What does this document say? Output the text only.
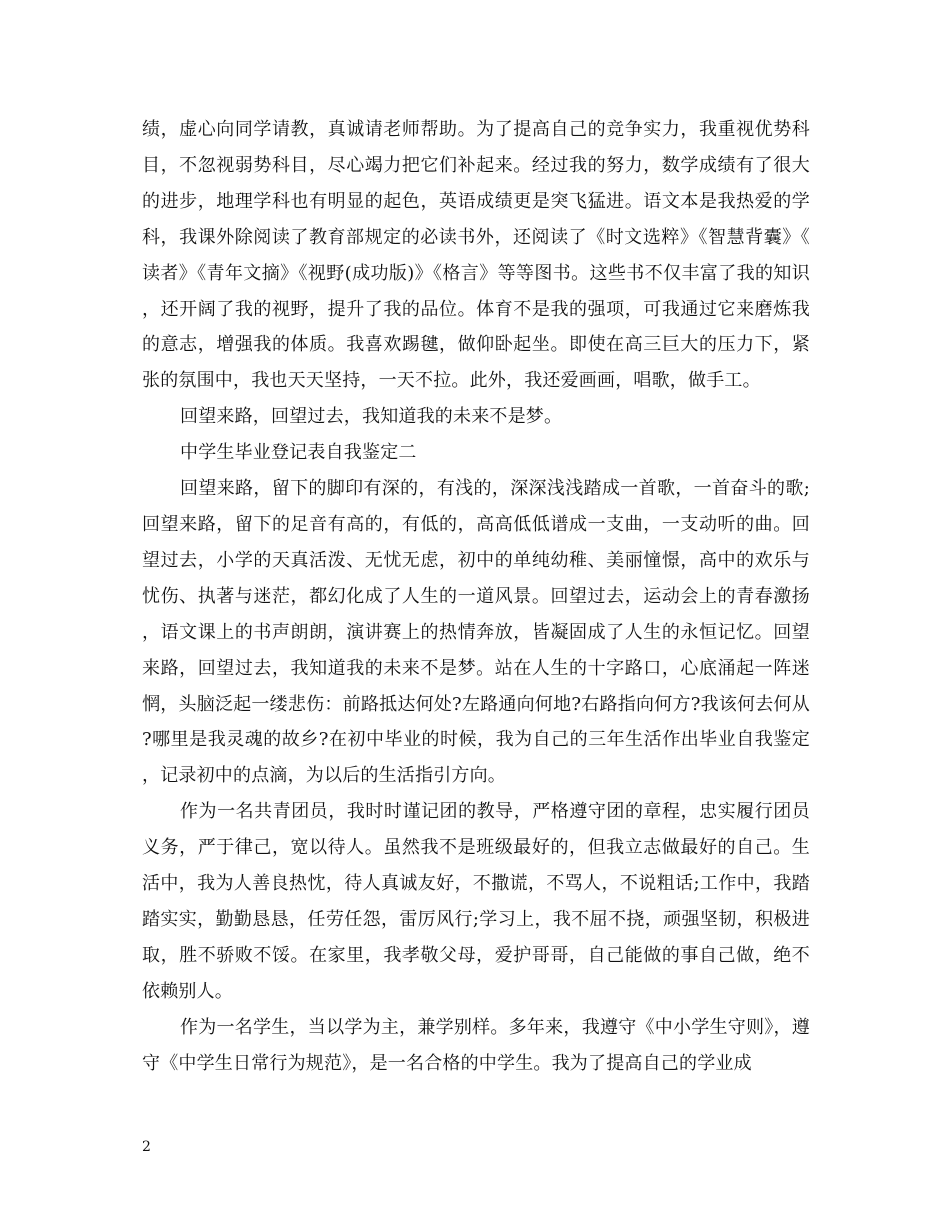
绩，虚心向同学请教，真诚请老师帮助。为了提高自己的竞争实力，我重视优势科目，不忽视弱势科目，尽心竭力把它们补起来。经过我的努力，数学成绩有了很大的进步，地理学科也有明显的起色，英语成绩更是突飞猛进。语文本是我热爱的学科，我课外除阅读了教育部规定的必读书外，还阅读了《时文选粹》《智慧背囊》《读者》《青年文摘》《视野(成功版)》《格言》等等图书。这些书不仅丰富了我的知识，还开阔了我的视野，提升了我的品位。体育不是我的强项，可我通过它来磨炼我的意志，增强我的体质。我喜欢踢毽，做仰卧起坐。即使在高三巨大的压力下，紧张的氛围中，我也天天坚持，一天不拉。此外，我还爱画画，唱歌，做手工。

回望来路，回望过去，我知道我的未来不是梦。

中学生毕业登记表自我鉴定二

回望来路，留下的脚印有深的，有浅的，深深浅浅踏成一首歌，一首奋斗的歌;回望来路，留下的足音有高的，有低的，高高低低谱成一支曲，一支动听的曲。回望过去，小学的天真活泼、无忧无虑，初中的单纯幼稚、美丽憧憬，高中的欢乐与忧伤、执著与迷茫，都幻化成了人生的一道风景。回望过去，运动会上的青春激扬，语文课上的书声朗朗，演讲赛上的热情奔放，皆凝固成了人生的永恒记忆。回望来路，回望过去，我知道我的未来不是梦。站在人生的十字路口，心底涌起一阵迷惘，头脑泛起一缕悲伤：前路抵达何处?左路通向何地?右路指向何方?我该何去何从?哪里是我灵魂的故乡?在初中毕业的时候，我为自己的三年生活作出毕业自我鉴定，记录初中的点滴，为以后的生活指引方向。

作为一名共青团员，我时时谨记团的教导，严格遵守团的章程，忠实履行团员义务，严于律己，宽以待人。虽然我不是班级最好的，但我立志做最好的自己。生活中，我为人善良热忱，待人真诚友好，不撒谎，不骂人，不说粗话;工作中，我踏踏实实，勤勤恳恳，任劳任怨，雷厉风行;学习上，我不屈不挠，顽强坚韧，积极进取，胜不骄败不馁。在家里，我孝敬父母，爱护哥哥，自己能做的事自己做，绝不依赖别人。

作为一名学生，当以学为主，兼学别样。多年来，我遵守《中小学生守则》，遵守《中学生日常行为规范》，是一名合格的中学生。我为了提高自己的学业成

2
